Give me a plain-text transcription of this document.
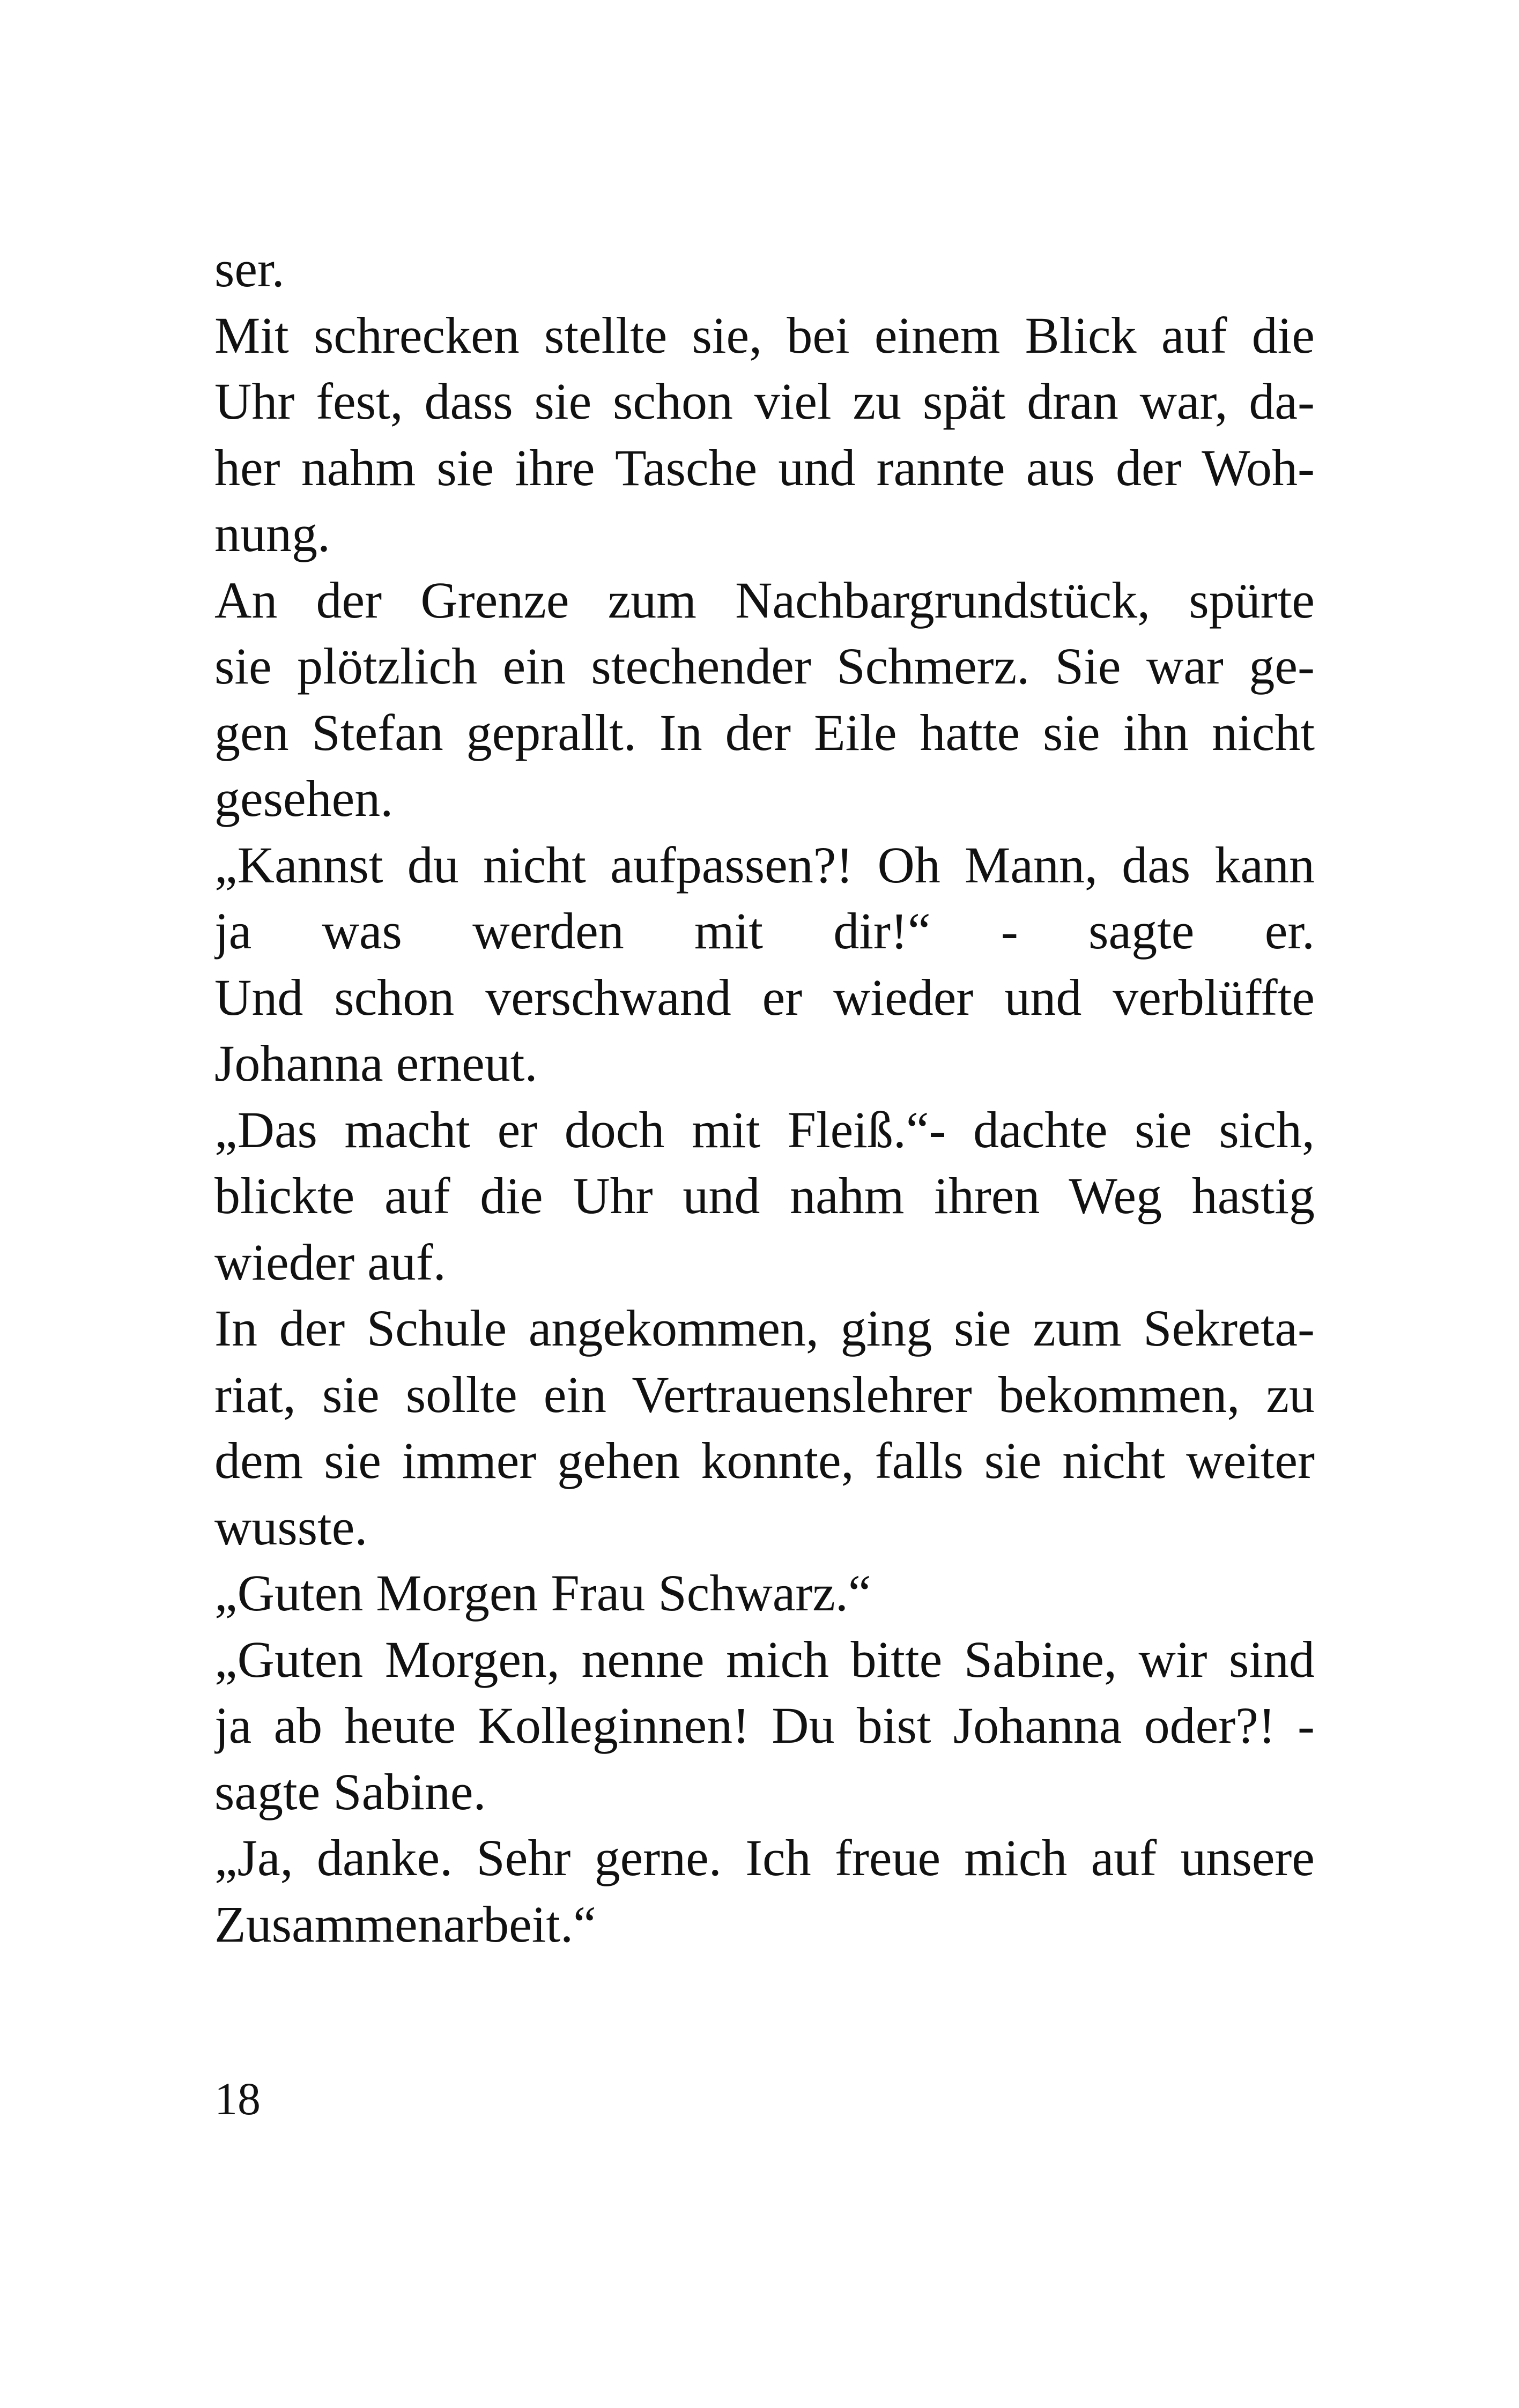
ser.
Mit schrecken stellte sie, bei einem Blick auf die
Uhr fest, dass sie schon viel zu spät dran war, da-
her nahm sie ihre Tasche und rannte aus der Woh-
nung.
An der Grenze zum Nachbargrundstück, spürte
sie plötzlich ein stechender Schmerz. Sie war ge-
gen Stefan geprallt. In der Eile hatte sie ihn nicht
gesehen.
„Kannst du nicht aufpassen?! Oh Mann, das kann
ja was werden mit dir!“ - sagte er.
Und schon verschwand er wieder und verblüffte
Johanna erneut.
„Das macht er doch mit Fleiß.“- dachte sie sich,
blickte auf die Uhr und nahm ihren Weg hastig
wieder auf.
In der Schule angekommen, ging sie zum Sekreta-
riat, sie sollte ein Vertrauenslehrer bekommen, zu
dem sie immer gehen konnte, falls sie nicht weiter
wusste.
„Guten Morgen Frau Schwarz.“
„Guten Morgen, nenne mich bitte Sabine, wir sind
ja ab heute Kolleginnen! Du bist Johanna oder?! -
sagte Sabine.
„Ja, danke. Sehr gerne. Ich freue mich auf unsere
Zusammenarbeit.“
18
